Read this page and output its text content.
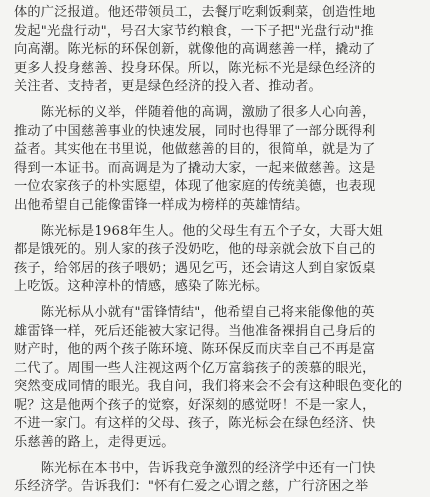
体的广泛报道。他还带领员工，去餐厅吃剩饭剩菜，创造性地
发起"光盘行动"，号召大家节约粮食，一下子把"光盘行动"推
向高潮。陈光标的环保创新，就像他的高调慈善一样，撬动了
更多人投身慈善、投身环保。所以，陈光标不光是绿色经济的
关注者、支持者，更是绿色经济的投入者、推动者。
　　陈光标的义举，伴随着他的高调，激励了很多人心向善，
推动了中国慈善事业的快速发展，同时也得罪了一部分既得利
益者。其实他在书里说，他做慈善的目的，很简单，就是为了
得到一本证书。而高调是为了撬动大家，一起来做慈善。这是
一位农家孩子的朴实愿望，体现了他家庭的传统美德，也表现
出他希望自己能像雷锋一样成为榜样的英雄情结。
　　陈光标是1968年生人。他的父母生有五个子女，大哥大姐
都是饿死的。别人家的孩子没奶吃，他的母亲就会放下自己的
孩子，给邻居的孩子喂奶；遇见乞丐，还会请这人到自家饭桌
上吃饭。这种淳朴的情感，感染了陈光标。
　　陈光标从小就有"雷锋情结"，他希望自己将来能像他的英
雄雷锋一样，死后还能被大家记得。当他准备裸捐自己身后的
财产时，他的两个孩子陈环境、陈环保反而庆幸自己不再是富
二代了。周围一些人注视这两个亿万富翁孩子的羡慕的眼光，
突然变成同情的眼光。我自问，我们将来会不会有这种眼色变化的
呢？这是他两个孩子的觉察，好深刻的感觉呀！不是一家人，
不进一家门。有这样的父母、孩子，陈光标会在绿色经济、快
乐慈善的路上，走得更远。
　　陈光标在本书中，告诉我竞争激烈的经济学中还有一门快
乐经济学。告诉我们："怀有仁爱之心谓之慈，广行济困之举
